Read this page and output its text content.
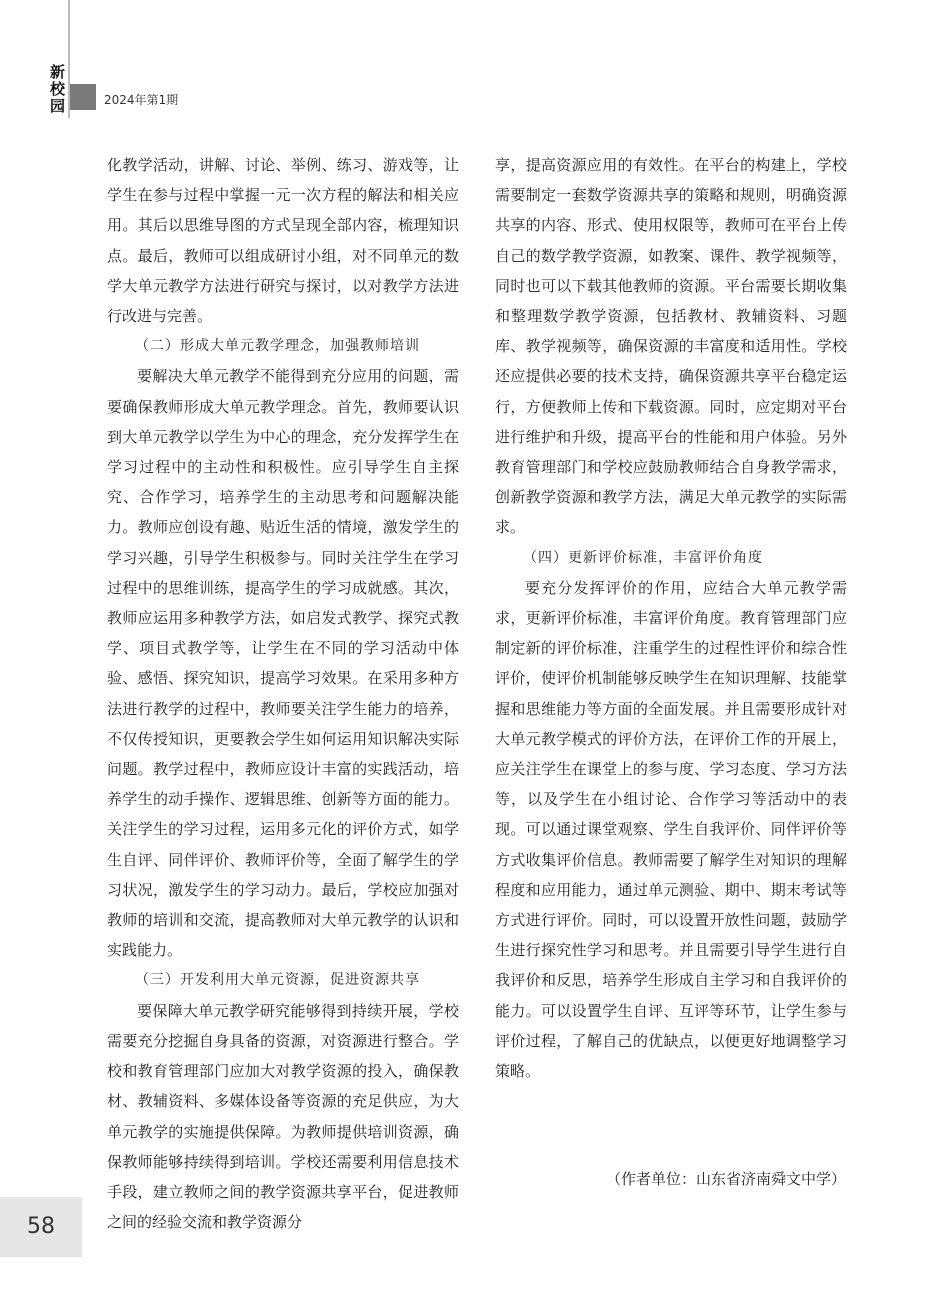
新
校
园	2024年第1期

化教学活动，讲解、讨论、举例、练习、游戏等，让学生在参与过程中掌握一元一次方程的解法和相关应用。其后以思维导图的方式呈现全部内容，梳理知识点。最后，教师可以组成研讨小组，对不同单元的数学大单元教学方法进行研究与探讨，以对教学方法进行改进与完善。

（二）形成大单元教学理念，加强教师培训

要解决大单元教学不能得到充分应用的问题，需要确保教师形成大单元教学理念。首先，教师要认识到大单元教学以学生为中心的理念，充分发挥学生在学习过程中的主动性和积极性。应引导学生自主探究、合作学习，培养学生的主动思考和问题解决能力。教师应创设有趣、贴近生活的情境，激发学生的学习兴趣，引导学生积极参与。同时关注学生在学习过程中的思维训练，提高学生的学习成就感。其次，教师应运用多种教学方法，如启发式教学、探究式教学、项目式教学等，让学生在不同的学习活动中体验、感悟、探究知识，提高学习效果。在采用多种方法进行教学的过程中，教师要关注学生能力的培养，不仅传授知识，更要教会学生如何运用知识解决实际问题。教学过程中，教师应设计丰富的实践活动，培养学生的动手操作、逻辑思维、创新等方面的能力。关注学生的学习过程，运用多元化的评价方式，如学生自评、同伴评价、教师评价等，全面了解学生的学习状况，激发学生的学习动力。最后，学校应加强对教师的培训和交流，提高教师对大单元教学的认识和实践能力。

（三）开发利用大单元资源，促进资源共享

要保障大单元教学研究能够得到持续开展，学校需要充分挖掘自身具备的资源，对资源进行整合。学校和教育管理部门应加大对教学资源的投入，确保教材、教辅资料、多媒体设备等资源的充足供应，为大单元教学的实施提供保障。为教师提供培训资源，确保教师能够持续得到培训。学校还需要利用信息技术手段，建立教师之间的教学资源共享平台，促进教师之间的经验交流和教学资源分

享，提高资源应用的有效性。在平台的构建上，学校需要制定一套数学资源共享的策略和规则，明确资源共享的内容、形式、使用权限等，教师可在平台上传自己的数学教学资源，如教案、课件、教学视频等，同时也可以下载其他教师的资源。平台需要长期收集和整理数学教学资源，包括教材、教辅资料、习题库、教学视频等，确保资源的丰富度和适用性。学校还应提供必要的技术支持，确保资源共享平台稳定运行，方便教师上传和下载资源。同时，应定期对平台进行维护和升级，提高平台的性能和用户体验。另外教育管理部门和学校应鼓励教师结合自身教学需求，创新教学资源和教学方法，满足大单元教学的实际需求。

（四）更新评价标准，丰富评价角度

要充分发挥评价的作用，应结合大单元教学需求，更新评价标准，丰富评价角度。教育管理部门应制定新的评价标准，注重学生的过程性评价和综合性评价，使评价机制能够反映学生在知识理解、技能掌握和思维能力等方面的全面发展。并且需要形成针对大单元教学模式的评价方法，在评价工作的开展上，应关注学生在课堂上的参与度、学习态度、学习方法等，以及学生在小组讨论、合作学习等活动中的表现。可以通过课堂观察、学生自我评价、同伴评价等方式收集评价信息。教师需要了解学生对知识的理解程度和应用能力，通过单元测验、期中、期末考试等方式进行评价。同时，可以设置开放性问题，鼓励学生进行探究性学习和思考。并且需要引导学生进行自我评价和反思，培养学生形成自主学习和自我评价的能力。可以设置学生自评、互评等环节，让学生参与评价过程，了解自己的优缺点，以便更好地调整学习策略。

（作者单位：山东省济南舜文中学）
58
